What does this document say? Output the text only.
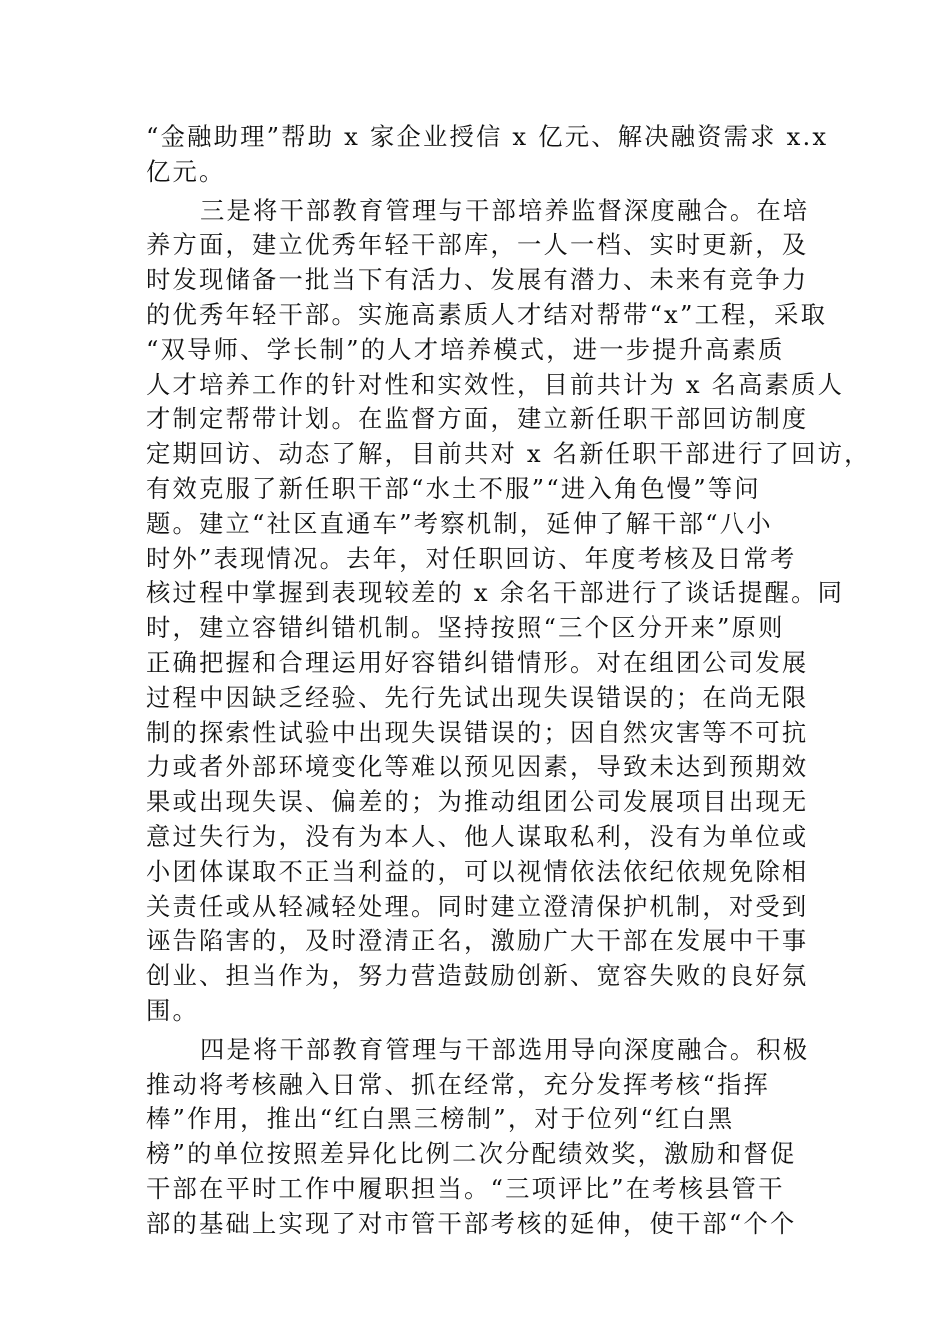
“金融助理”帮助 x 家企业授信 x 亿元、解决融资需求 x.x
亿元。
三是将干部教育管理与干部培养监督深度融合。在培
养方面，建立优秀年轻干部库，一人一档、实时更新，及
时发现储备一批当下有活力、发展有潜力、未来有竞争力
的优秀年轻干部。实施高素质人才结对帮带“x”工程，采取
“双导师、学长制”的人才培养模式，进一步提升高素质
人才培养工作的针对性和实效性，目前共计为 x 名高素质人
才制定帮带计划。在监督方面，建立新任职干部回访制度
定期回访、动态了解，目前共对 x 名新任职干部进行了回访，
有效克服了新任职干部“水土不服”“进入角色慢”等问
题。建立“社区直通车”考察机制，延伸了解干部“八小
时外”表现情况。去年，对任职回访、年度考核及日常考
核过程中掌握到表现较差的 x 余名干部进行了谈话提醒。同
时，建立容错纠错机制。坚持按照“三个区分开来”原则
正确把握和合理运用好容错纠错情形。对在组团公司发展
过程中因缺乏经验、先行先试出现失误错误的；在尚无限
制的探索性试验中出现失误错误的；因自然灾害等不可抗
力或者外部环境变化等难以预见因素，导致未达到预期效
果或出现失误、偏差的；为推动组团公司发展项目出现无
意过失行为，没有为本人、他人谋取私利，没有为单位或
小团体谋取不正当利益的，可以视情依法依纪依规免除相
关责任或从轻减轻处理。同时建立澄清保护机制，对受到
诬告陷害的，及时澄清正名，激励广大干部在发展中干事
创业、担当作为，努力营造鼓励创新、宽容失败的良好氛
围。
四是将干部教育管理与干部选用导向深度融合。积极
推动将考核融入日常、抓在经常，充分发挥考核“指挥
棒”作用，推出“红白黑三榜制”，对于位列“红白黑
榜”的单位按照差异化比例二次分配绩效奖，激励和督促
干部在平时工作中履职担当。“三项评比”在考核县管干
部的基础上实现了对市管干部考核的延伸，使干部“个个
